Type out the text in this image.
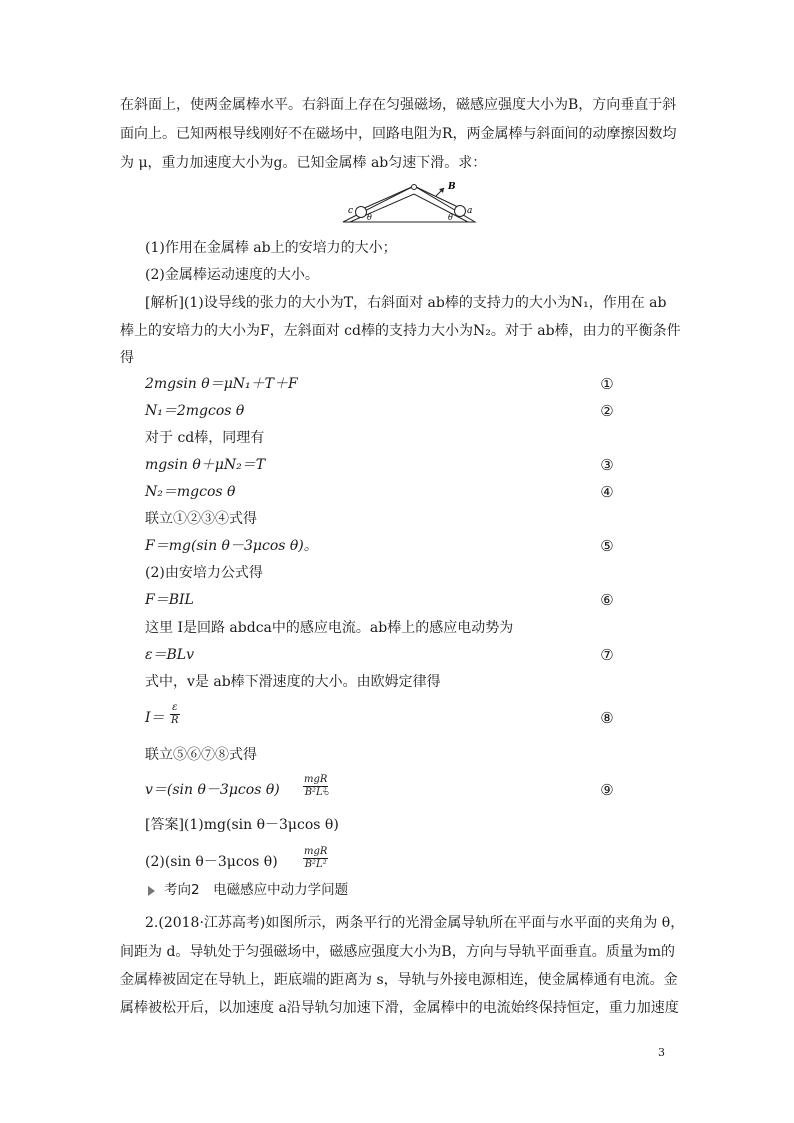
在斜面上，使两金属棒水平。右斜面上存在匀强磁场，磁感应强度大小为B，方向垂直于斜
面向上。已知两根导线刚好不在磁场中，回路电阻为R，两金属棒与斜面间的动摩擦因数均
为 μ，重力加速度大小为g。已知金属棒 ab匀速下滑。求：
c	a
B
θ	θ
(1)作用在金属棒 ab上的安培力的大小；
(2)金属棒运动速度的大小。
[解析](1)设导线的张力的大小为T，右斜面对 ab棒的支持力的大小为N₁，作用在 ab
棒上的安培力的大小为F，左斜面对 cd棒的支持力大小为N₂。对于 ab棒，由力的平衡条件
得
2mgsin θ＝μN₁＋T＋F	①
N₁＝2mgcos θ	②
对于 cd棒，同理有
mgsin θ＋μN₂＝T	③
N₂＝mgcos θ	④
联立①②③④式得
F＝mg(sin θ－3μcos θ)。	⑤
(2)由安培力公式得
F＝BIL	⑥
这里 I是回路 abdca中的感应电流。ab棒上的感应电动势为
ε＝BLv	⑦
式中，v是 ab棒下滑速度的大小。由欧姆定律得
$I= \frac{\varepsilon}{R}$	⑧
联立⑤⑥⑦⑧式得
v＝(sin θ－3μcos θ)
mgR
B²L²
。	⑨
[答案](1)mg(sin θ－3μcos θ)
(2)(sin θ－3μcos θ)
mgR
B²L²
考向2　电磁感应中动力学问题
2.(2018·江苏高考)如图所示，两条平行的光滑金属导轨所在平面与水平面的夹角为 θ，
间距为 d。导轨处于匀强磁场中，磁感应强度大小为B，方向与导轨平面垂直。质量为m的
金属棒被固定在导轨上，距底端的距离为 s，导轨与外接电源相连，使金属棒通有电流。金
属棒被松开后，以加速度 a沿导轨匀加速下滑，金属棒中的电流始终保持恒定，重力加速度
3
